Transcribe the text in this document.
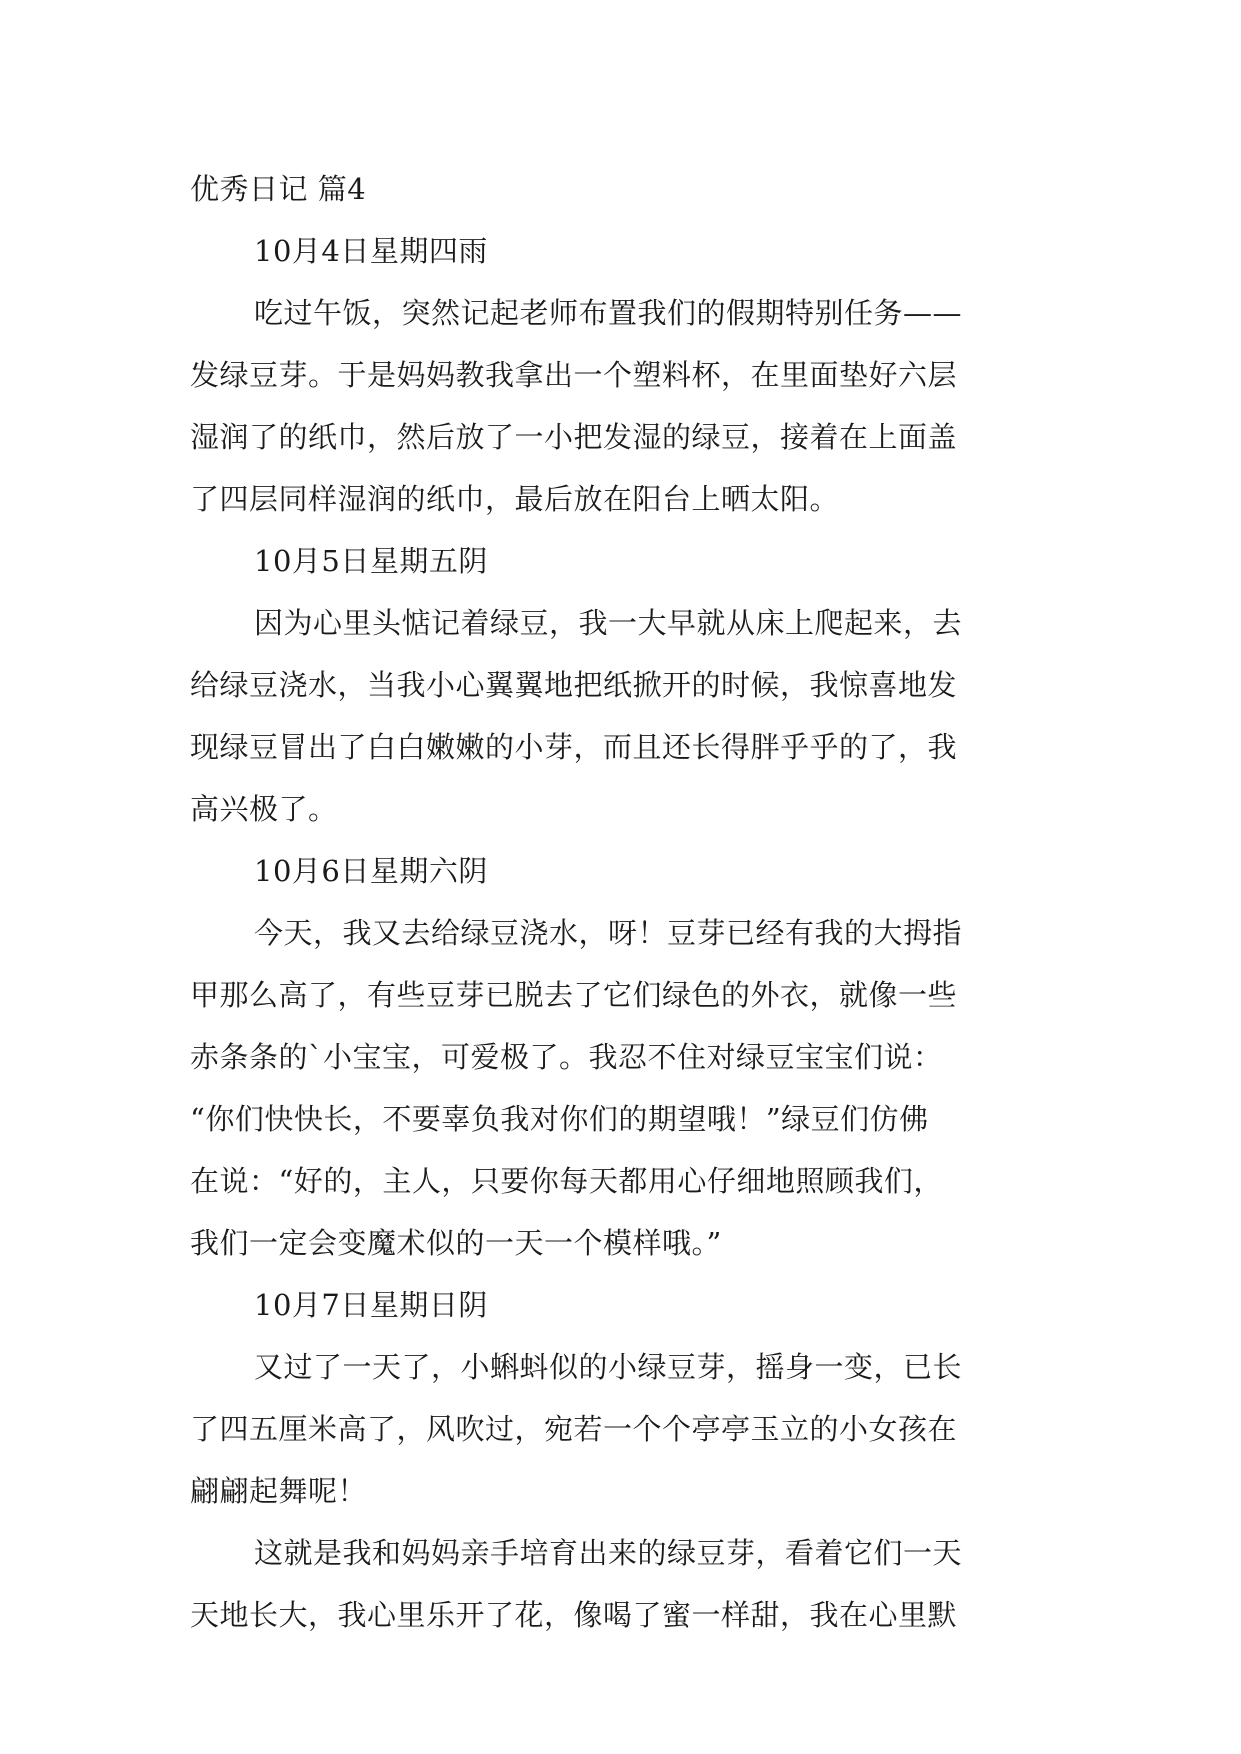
优秀日记 篇4
10月4日星期四雨
吃过午饭，突然记起老师布置我们的假期特别任务——
发绿豆芽。于是妈妈教我拿出一个塑料杯，在里面垫好六层
湿润了的纸巾，然后放了一小把发湿的绿豆，接着在上面盖
了四层同样湿润的纸巾，最后放在阳台上晒太阳。
10月5日星期五阴
因为心里头惦记着绿豆，我一大早就从床上爬起来，去
给绿豆浇水，当我小心翼翼地把纸掀开的时候，我惊喜地发
现绿豆冒出了白白嫩嫩的小芽，而且还长得胖乎乎的了，我
高兴极了。
10月6日星期六阴
今天，我又去给绿豆浇水，呀！豆芽已经有我的大拇指
甲那么高了，有些豆芽已脱去了它们绿色的外衣，就像一些
赤条条的`小宝宝，可爱极了。我忍不住对绿豆宝宝们说：
“你们快快长，不要辜负我对你们的期望哦！”绿豆们仿佛
在说：“好的，主人，只要你每天都用心仔细地照顾我们，
我们一定会变魔术似的一天一个模样哦。”
10月7日星期日阴
又过了一天了，小蝌蚪似的小绿豆芽，摇身一变，已长
了四五厘米高了，风吹过，宛若一个个亭亭玉立的小女孩在
翩翩起舞呢！
这就是我和妈妈亲手培育出来的绿豆芽，看着它们一天
天地长大，我心里乐开了花，像喝了蜜一样甜，我在心里默
